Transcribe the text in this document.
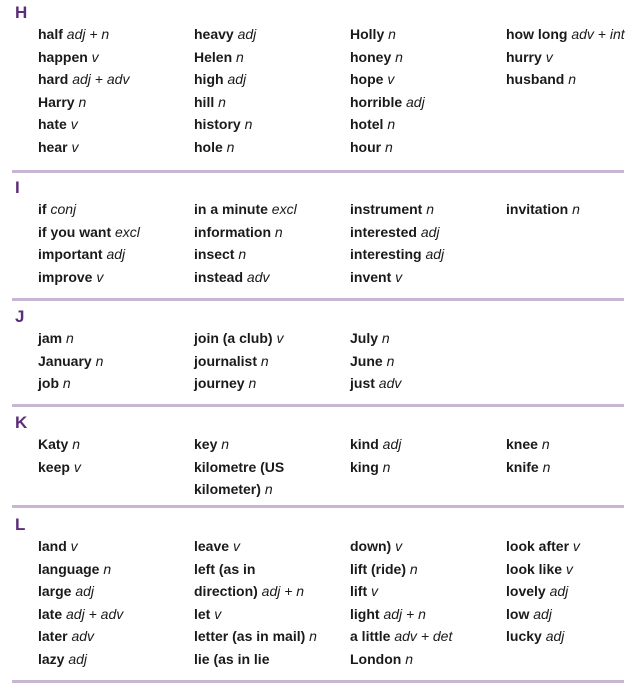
H
half adj + n
happen v
hard adj + adv
Harry n
hate v
hear v
heavy adj
Helen n
high adj
hill n
history n
hole n
Holly n
honey n
hope v
horrible adj
hotel n
hour n
how long adv + int
hurry v
husband n
I
if conj
if you want excl
important adj
improve v
in a minute excl
information n
insect n
instead adv
instrument n
interested adj
interesting adj
invent v
invitation n
J
jam n
January n
job n
join (a club) v
journalist n
journey n
July n
June n
just adv
K
Katy n
keep v
key n
kilometre (US
kilometer) n
kind adj
king n
knee n
knife n
L
land v
language n
large adj
late adj + adv
later adv
lazy adj
leave v
left (as in
direction) adj + n
let v
letter (as in mail) n
lie (as in lie
down) v
lift (ride) n
lift v
light adj + n
a little adv + det
London n
look after v
look like v
lovely adj
low adj
lucky adj
